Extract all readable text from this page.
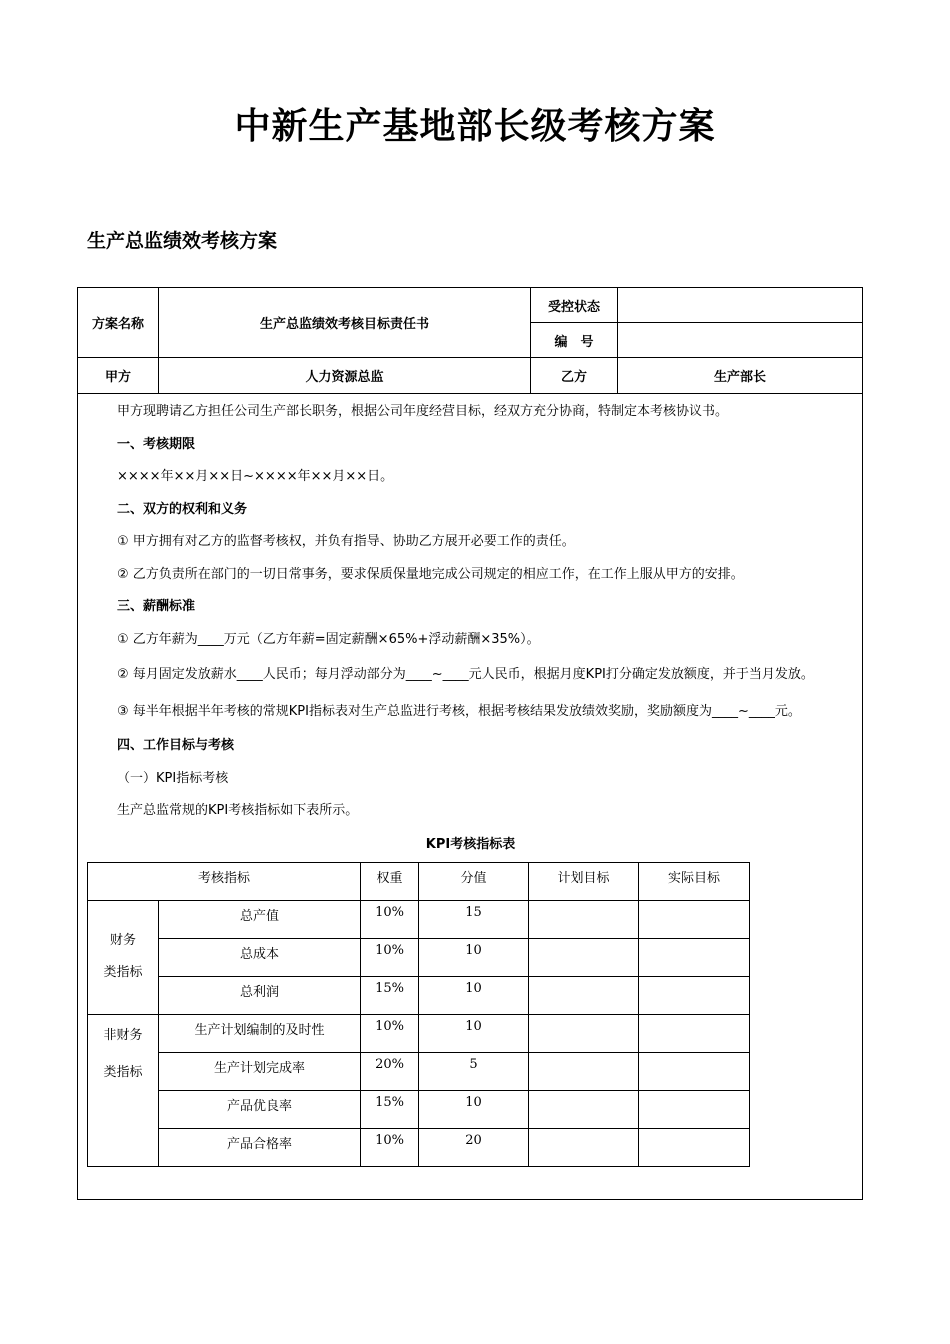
中新生产基地部长级考核方案
生产总监绩效考核方案
方案名称	生产总监绩效考核目标责任书	受控状态	
编　号	
甲方	人力资源总监	乙方	生产部长

甲方现聘请乙方担任公司生产部长职务，根据公司年度经营目标，经双方充分协商，特制定本考核协议书。

一、考核期限

××××年××月××日~××××年××月××日。

二、双方的权利和义务

① 甲方拥有对乙方的监督考核权，并负有指导、协助乙方展开必要工作的责任。

② 乙方负责所在部门的一切日常事务，要求保质保量地完成公司规定的相应工作，在工作上服从甲方的安排。

三、薪酬标准

① 乙方年薪为____万元（乙方年薪=固定薪酬×65%+浮动薪酬×35%）。

② 每月固定发放薪水____人民币；每月浮动部分为____~____元人民币，根据月度KPI打分确定发放额度，并于当月发放。

③ 每半年根据半年考核的常规KPI指标表对生产总监进行考核，根据考核结果发放绩效奖励，奖励额度为____~____元。

四、工作目标与考核

（一）KPI指标考核

生产总监常规的KPI考核指标如下表所示。

KPI考核指标表

考核指标	权重	分值	计划目标	实际目标

财务
类指标
	总产值	10%	15		
总成本	10%	10		
总利润	15%	10		

非财务
类指标
	生产计划编制的及时性	10%	10		
生产计划完成率	20%	5		
产品优良率	15%	10		
产品合格率	10%	20		
